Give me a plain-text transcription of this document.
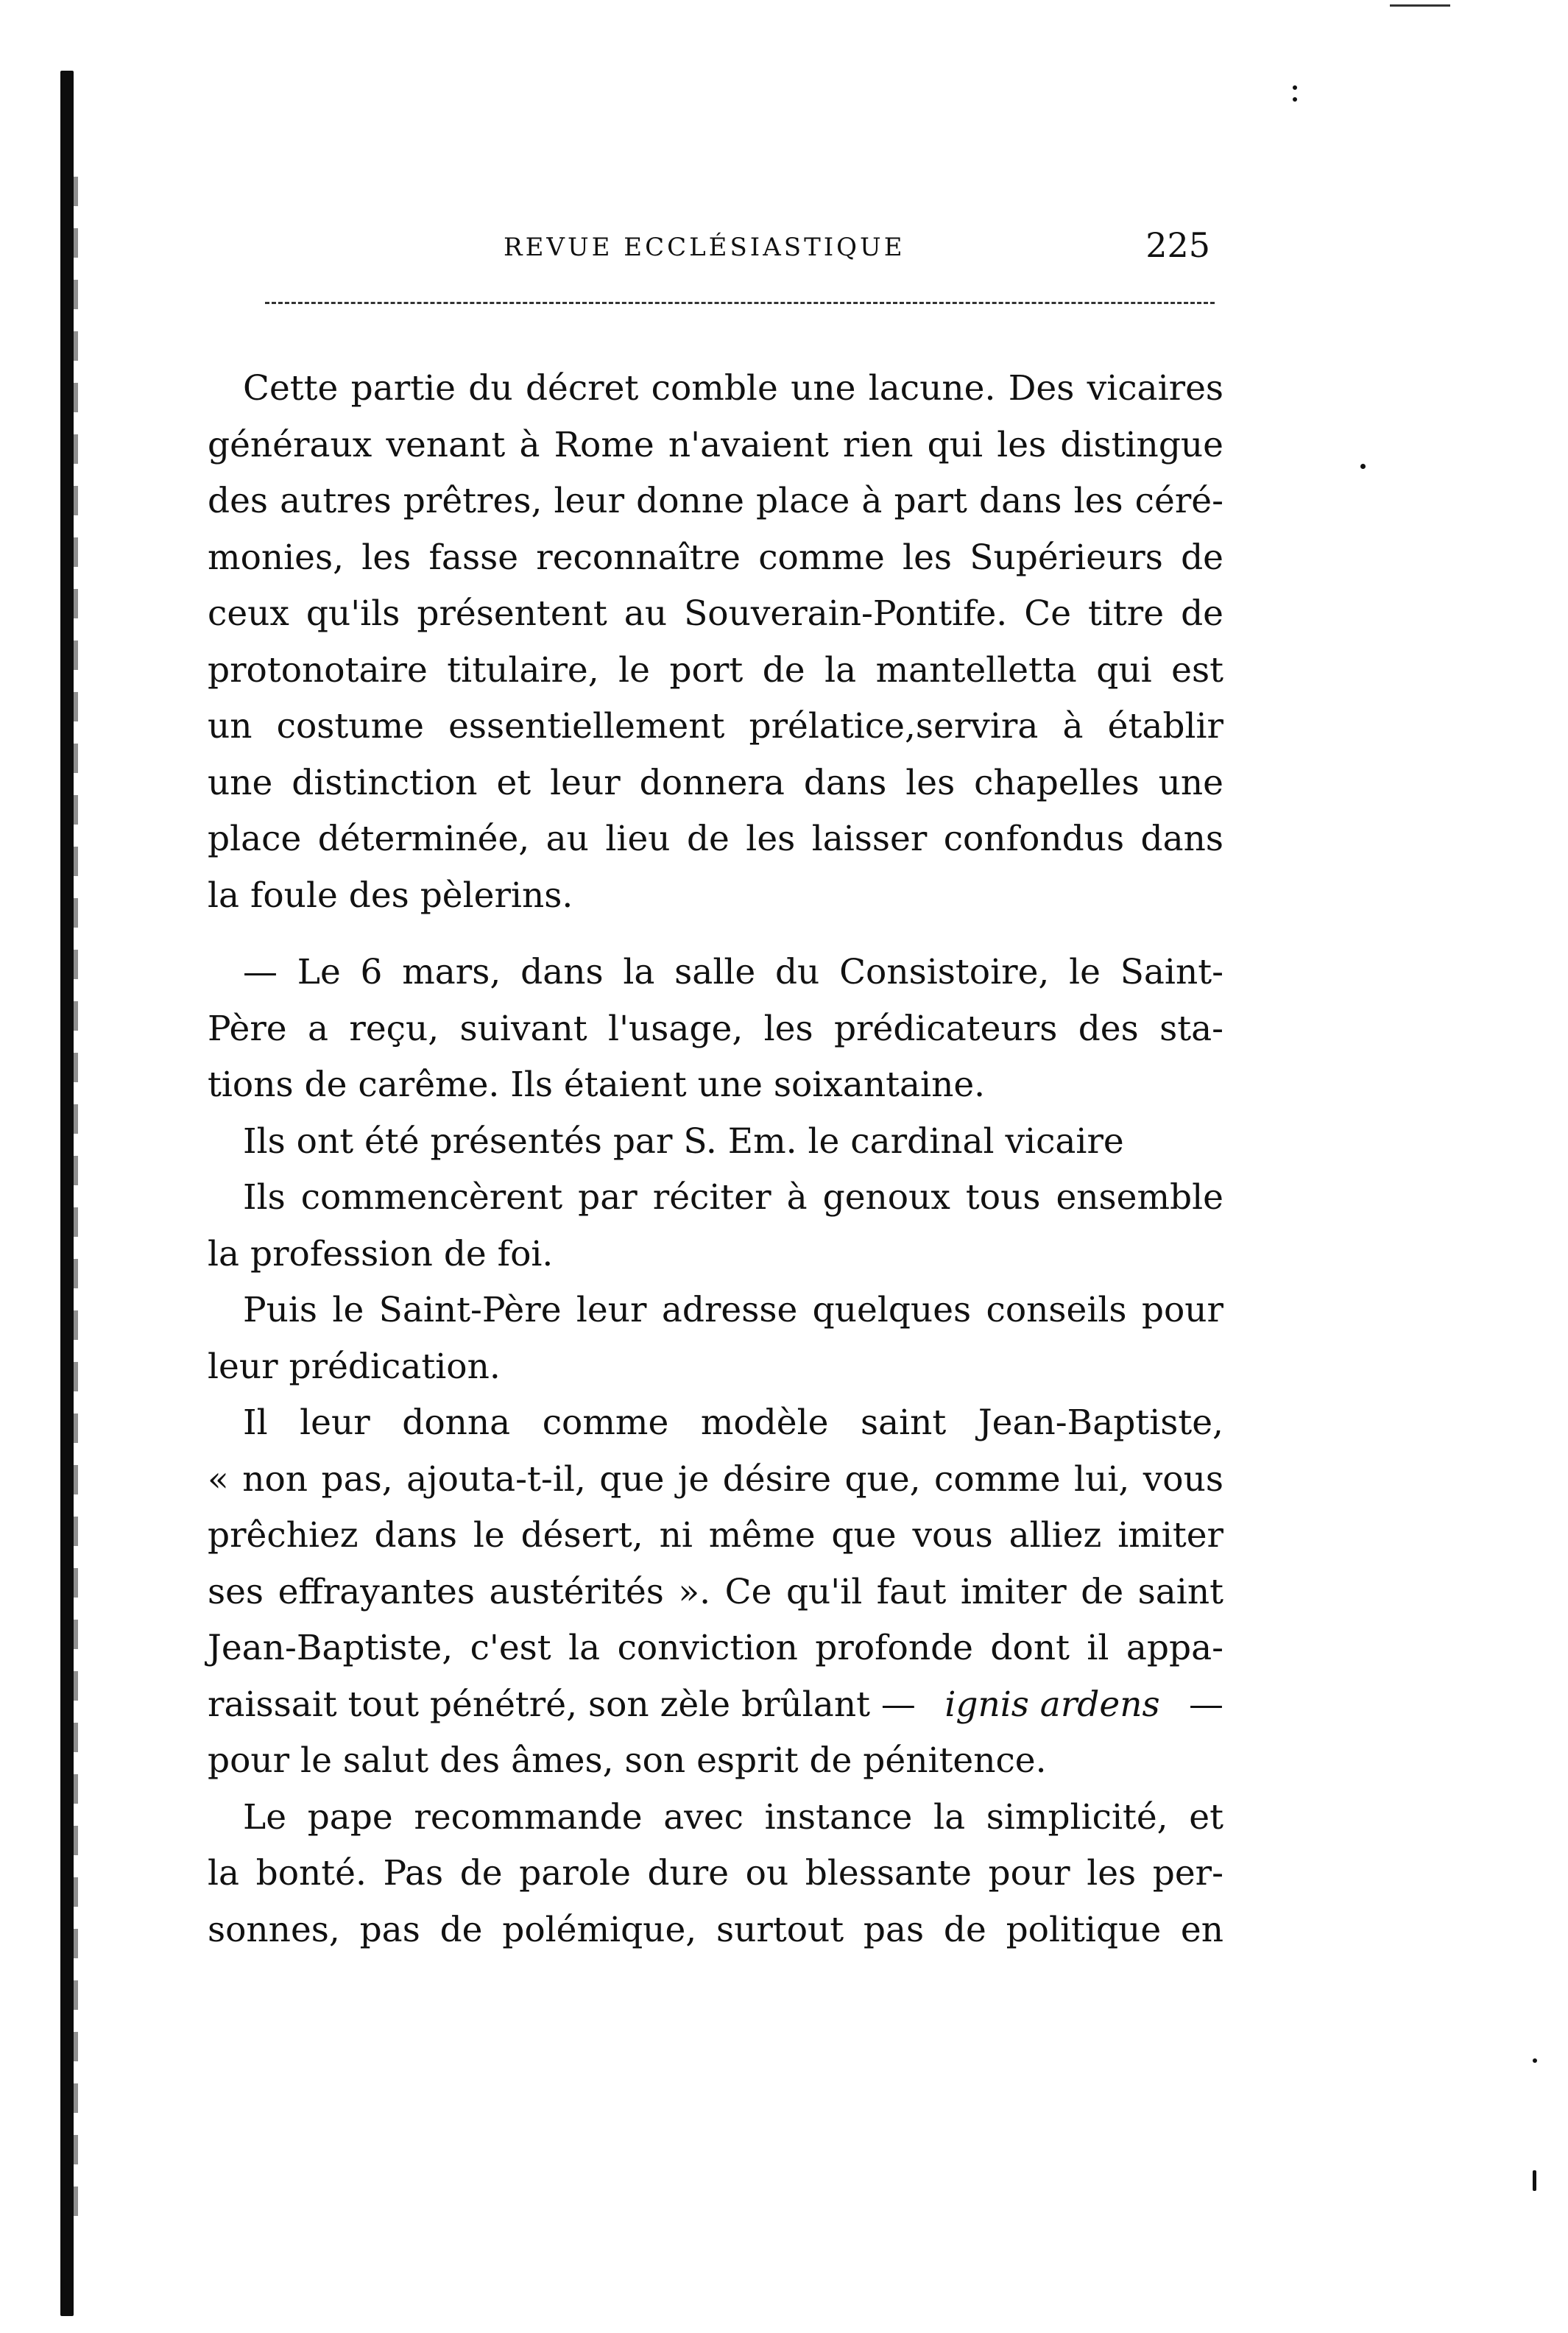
REVUE ECCLÉSIASTIQUE	225
Cette partie du décret comble une lacune. Des vicaires
généraux venant à Rome n'avaient rien qui les distingue
des autres prêtres, leur donne place à part dans les céré-
monies, les fasse reconnaître comme les Supérieurs de
ceux qu'ils présentent au Souverain-Pontife. Ce titre de
protonotaire titulaire, le port de la mantelletta qui est
un costume essentiellement prélatice,servira à établir
une distinction et leur donnera dans les chapelles une
place déterminée, au lieu de les laisser confondus dans
la foule des pèlerins.
— Le 6 mars, dans la salle du Consistoire, le Saint-
Père a reçu, suivant l'usage, les prédicateurs des sta-
tions de carême. Ils étaient une soixantaine.
Ils ont été présentés par S. Em. le cardinal vicaire
Ils commencèrent par réciter à genoux tous ensemble
la profession de foi.
Puis le Saint-Père leur adresse quelques conseils pour
leur prédication.
Il leur donna comme modèle saint Jean-Baptiste,
« non pas, ajouta-t-il, que je désire que, comme lui, vous
prêchiez dans le désert, ni même que vous alliez imiter
ses effrayantes austérités ». Ce qu'il faut imiter de saint
Jean-Baptiste, c'est la conviction profonde dont il appa-
raissait tout pénétré, son zèle brûlant — ignis ardens —
pour le salut des âmes, son esprit de pénitence.
Le pape recommande avec instance la simplicité, et
la bonté. Pas de parole dure ou blessante pour les per-
sonnes, pas de polémique, surtout pas de politique en
